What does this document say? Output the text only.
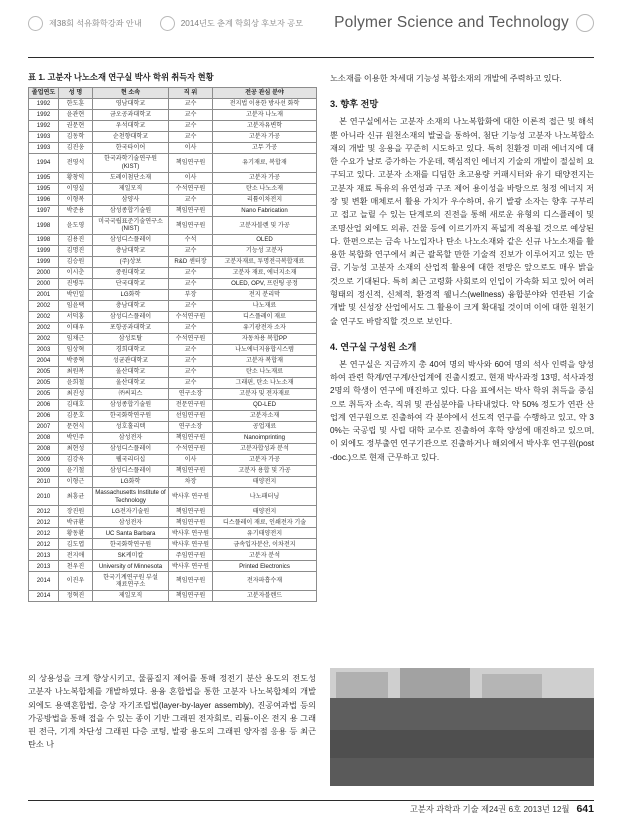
제38회 석유화학강좌 안내	2014년도 춘계 학회상 후보자 공모 Polymer Science and Technology

표 1. 고분자 나노소재 연구실 박사 학위 취득자 현황

졸업연도	성 명	현 소속	직 위	전공 관심 분야
1992	한도훈	영남대학교	교수	전지법 이용한 방사선 화학
1992	윤관현	금오공과대학교	교수	고분자 나노재
1992	권문현	우석대학교	교수	고분자유변학
1993	김동학	순천향대학교	교수	고분자 가공
1993	김진웅	한국타이어	이사	고무 가공
1994	전영석	한국과학기술연구원 (KIST)	책임연구원	유기재료, 복합재
1995	황창익	도레이첨단소재	이사	고분자 가공
1995	이영실	제일모직	수석연구원	탄소 나노소재
1996	이형복	삼양사	교수	리튬이차전지
1997	박준용	삼성종합기술원	책임연구원	Nano Fabrication
1998	윤도영	미국국립표준기술연구소 (NIST)	책임연구원	고분자블렌 및 가공
1998	김용진	삼성디스플레이	수석	OLED
1999	김명진	충남대학교	교수	기능성 고분자
1999	김승원	(주)상보	R&D 센터장	고분자재료, 투명전극복합재료
2000	이시춘	중원대학교	교수	고분자 재료, 에너지소재
2000	진병두	단국대학교	교수	OLED, OPV, 프린팅 공정
2001	박민일	LG화학	부장	전지 분리막
2002	임윤택	충남대학교	교수	나노재료
2002	서덕홍	삼성디스플레이	수석연구원	디스플레이 재료
2002	이태우	포항공과대학교	교수	유기광전자 소자
2002	임채근	삼성토탈	수석연구원	자동차용 복합PP
2003	임상혁	경희대학교	교수	나노에너지융합시스템
2004	박중혁	성균관대학교	교수	고분자 복합재
2005	최원복	울산대학교	교수	탄소 나노재료
2005	윤희철	울산대학교	교수	그래핀, 탄소 나노소재
2005	최진성	㈜씨피스	연구소장	고분자 및 전자재료
2006	김태호	삼성종합기술원	전문연구원	QD-LED
2006	김문호	한국화학연구원	선임연구원	고분자소재
2007	문현식	성호홀리텍	연구소장	공업재료
2008	박민주	삼성전자	책임연구원	Nanoimprinting
2008	최현성	삼성디스플레이	수석연구원	고분자합성과 분석
2009	김강욱	웰국리더십	이사	고분자 가공
2009	윤기철	삼성디스플레이	책임연구원	고분자 용합 및 가공
2010	이형근	LG화학	차장	태양전지
2010	최흥균	Massachusetts Institute of Technology	박사후 연구원	나노패터닝
2012	장진원	LG전자기술원	책임연구원	태양전지
2012	박규환	삼성전자	책임연구원	디스플레이 재료, 인쇄전자 기술
2012	황동환	UC Santa Barbara	박사후 연구원	유기태양전지
2012	김도엽	한국화학연구원	박사후 연구원	금속입자분산, 이차전지
2013	전지애	SK케미칼	주임연구원	고분자 분석
2013	천우진	University of Minnesota	박사후 연구원	Printed Electronics
2014	이진우	한국기계연구원 부설 재료연구소	책임연구원	전자파흡수재
2014	정혁진	제일모직	책임연구원	고분자블렌드

의 상용성을 크게 향상시키고, 물품질지 제어를 통해 정전기 분산 용도의 전도성 고분자 나노복합체를 개발하였다. 용융 혼합법을 통한 고분자 나노복합체의 개발 외에도 용액혼합법, 층상 자기조립법(layer-by-layer assembly), 진공여과법 등의 가공방법을 통해 접을 수 있는 종이 기반 그래핀 전자회로, 리튬-이온 전지 용 그래핀 전극, 기계 차단성 그래핀 다층 코팅, 발광 용도의 그래핀 양자점 응용 등 최근 탄소 나

노소재를 이용한 차세대 기능성 복합소재의 개발에 주력하고 있다.

3. 향후 전망

본 연구실에서는 고분자 소재의 나노복합화에 대한 이론적 접근 및 해석뿐 아니라 신규 원천소재의 발굴을 통하여, 첨단 기능성 고분자 나노복합소재의 개발 및 응용을 꾸준히 시도하고 있다. 특히 친환경 미래 에너지에 대한 수요가 날로 증가하는 가운데, 핵심적인 에너지 기술의 개발이 절실히 요구되고 있다. 고분자 소재를 디딤한 초고용량 커패시터와 유기 태양전지는 고분자 재료 특유의 유연성과 구조 제어 용이성을 바탕으로 청정 에너지 저장 및 변환 매체로서 활용 가치가 우수하며, 유기 발광 소자는 향후 구부리고 접고 늘릴 수 있는 단계로의 진전을 통해 새로운 유형의 디스플레이 및 조명산업 외에도 의류, 건물 등에 이르기까지 폭넓게 적용될 것으로 예상된다. 한편으로는 금속 나노입자나 탄소 나노소재와 같은 신규 나노소재를 활용한 복합화 연구에서 최근 괄목할 만한 기술적 진보가 이루어지고 있는 만큼, 기능성 고분자 소재의 산업적 활용에 대한 전망은 앞으로도 매우 밝을 것으로 기대된다. 특히 최근 고령화 사회로의 인입이 가속화 되고 있어 여러 형태의 정신적, 신체적, 환경적 웰니스(wellness) 융합분야와 연관된 기술 개발 및 신성장 산업에서도 그 활용이 크게 확대될 것이며 이에 대한 원천기술 연구도 바람직할 것으로 보인다.

4. 연구실 구성원 소개

본 연구실은 지금까지 총 40여 명의 박사와 60여 명의 석사 인력을 양성하여 관련 학계/연구계/산업계에 진출시켰고, 현재 박사과정 13명, 석사과정 2명의 학생이 연구에 매진하고 있다. 다음 표에서는 박사 학위 취득을 중심으로 취득자 소속, 직위 및 관심분야를 나타내었다. 약 50% 정도가 연관 산업계 연구원으로 진출하여 각 분야에서 선도적 연구를 수행하고 있고, 약 30%는 국공립 및 사립 대학 교수로 진출하여 후학 양성에 매진하고 있으며, 이 외에도 정부출연 연구기관으로 진출하거나 해외에서 박사후 연구원(post-doc.)으로 현재 근무하고 있다.

고분자 과학과 기술 제24권 6호 2013년 12월 641
